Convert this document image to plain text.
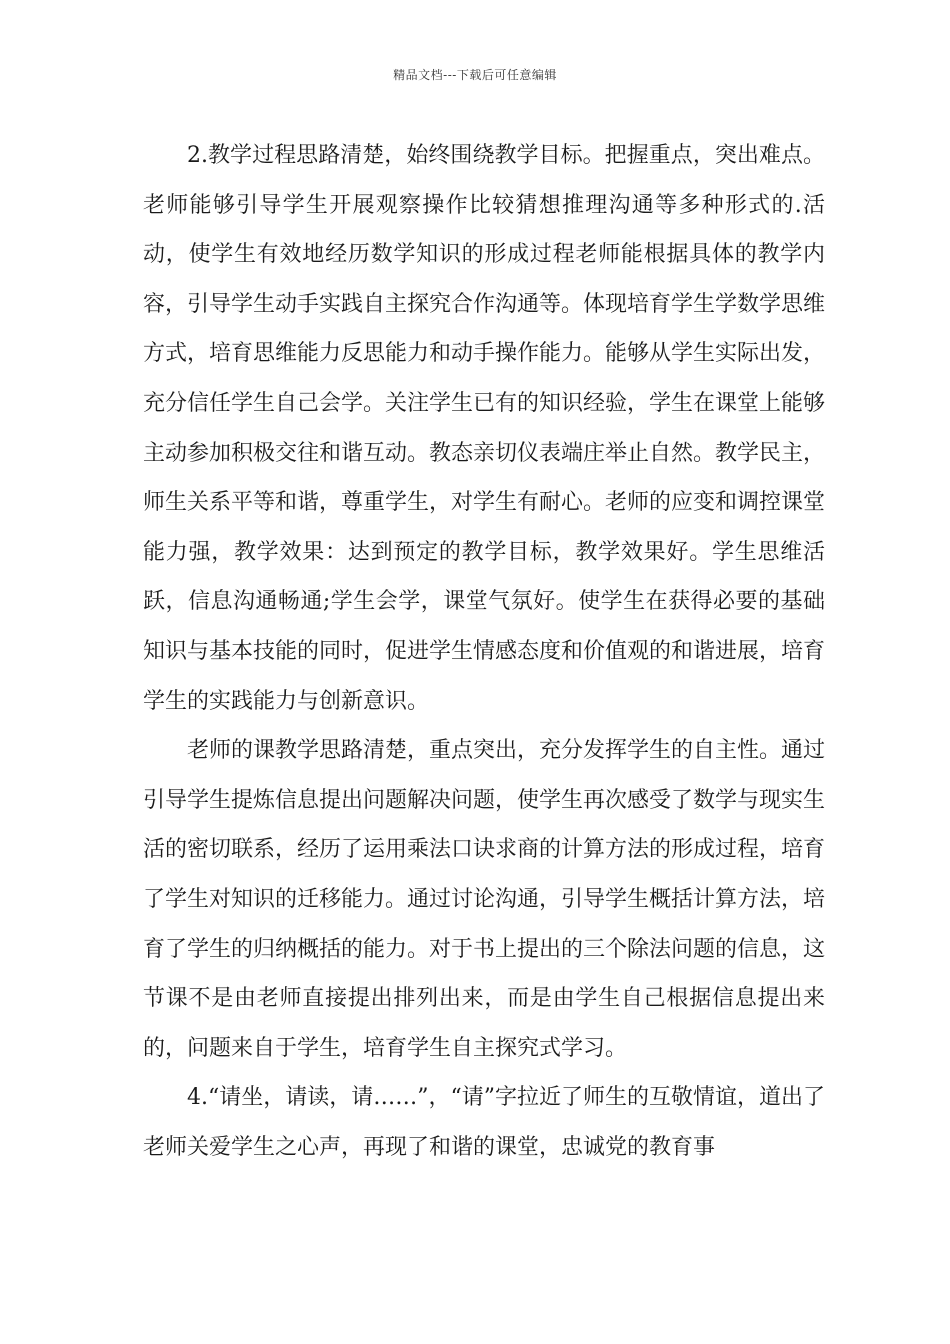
精品文档---下载后可任意编辑

2.教学过程思路清楚，始终围绕教学目标。把握重点，突出难点。老师能够引导学生开展观察操作比较猜想推理沟通等多种形式的.活动，使学生有效地经历数学知识的形成过程老师能根据具体的教学内容，引导学生动手实践自主探究合作沟通等。体现培育学生学数学思维方式，培育思维能力反思能力和动手操作能力。能够从学生实际出发，充分信任学生自己会学。关注学生已有的知识经验，学生在课堂上能够主动参加积极交往和谐互动。教态亲切仪表端庄举止自然。教学民主，师生关系平等和谐，尊重学生，对学生有耐心。老师的应变和调控课堂能力强，教学效果：达到预定的教学目标，教学效果好。学生思维活跃，信息沟通畅通;学生会学，课堂气氛好。使学生在获得必要的基础知识与基本技能的同时，促进学生情感态度和价值观的和谐进展，培育学生的实践能力与创新意识。

老师的课教学思路清楚，重点突出，充分发挥学生的自主性。通过引导学生提炼信息提出问题解决问题，使学生再次感受了数学与现实生活的密切联系，经历了运用乘法口诀求商的计算方法的形成过程，培育了学生对知识的迁移能力。通过讨论沟通，引导学生概括计算方法，培育了学生的归纳概括的能力。对于书上提出的三个除法问题的信息，这节课不是由老师直接提出排列出来，而是由学生自己根据信息提出来的，问题来自于学生，培育学生自主探究式学习。

4.“请坐，请读，请……”，“请”字拉近了师生的互敬情谊，道出了老师关爱学生之心声，再现了和谐的课堂，忠诚党的教育事
